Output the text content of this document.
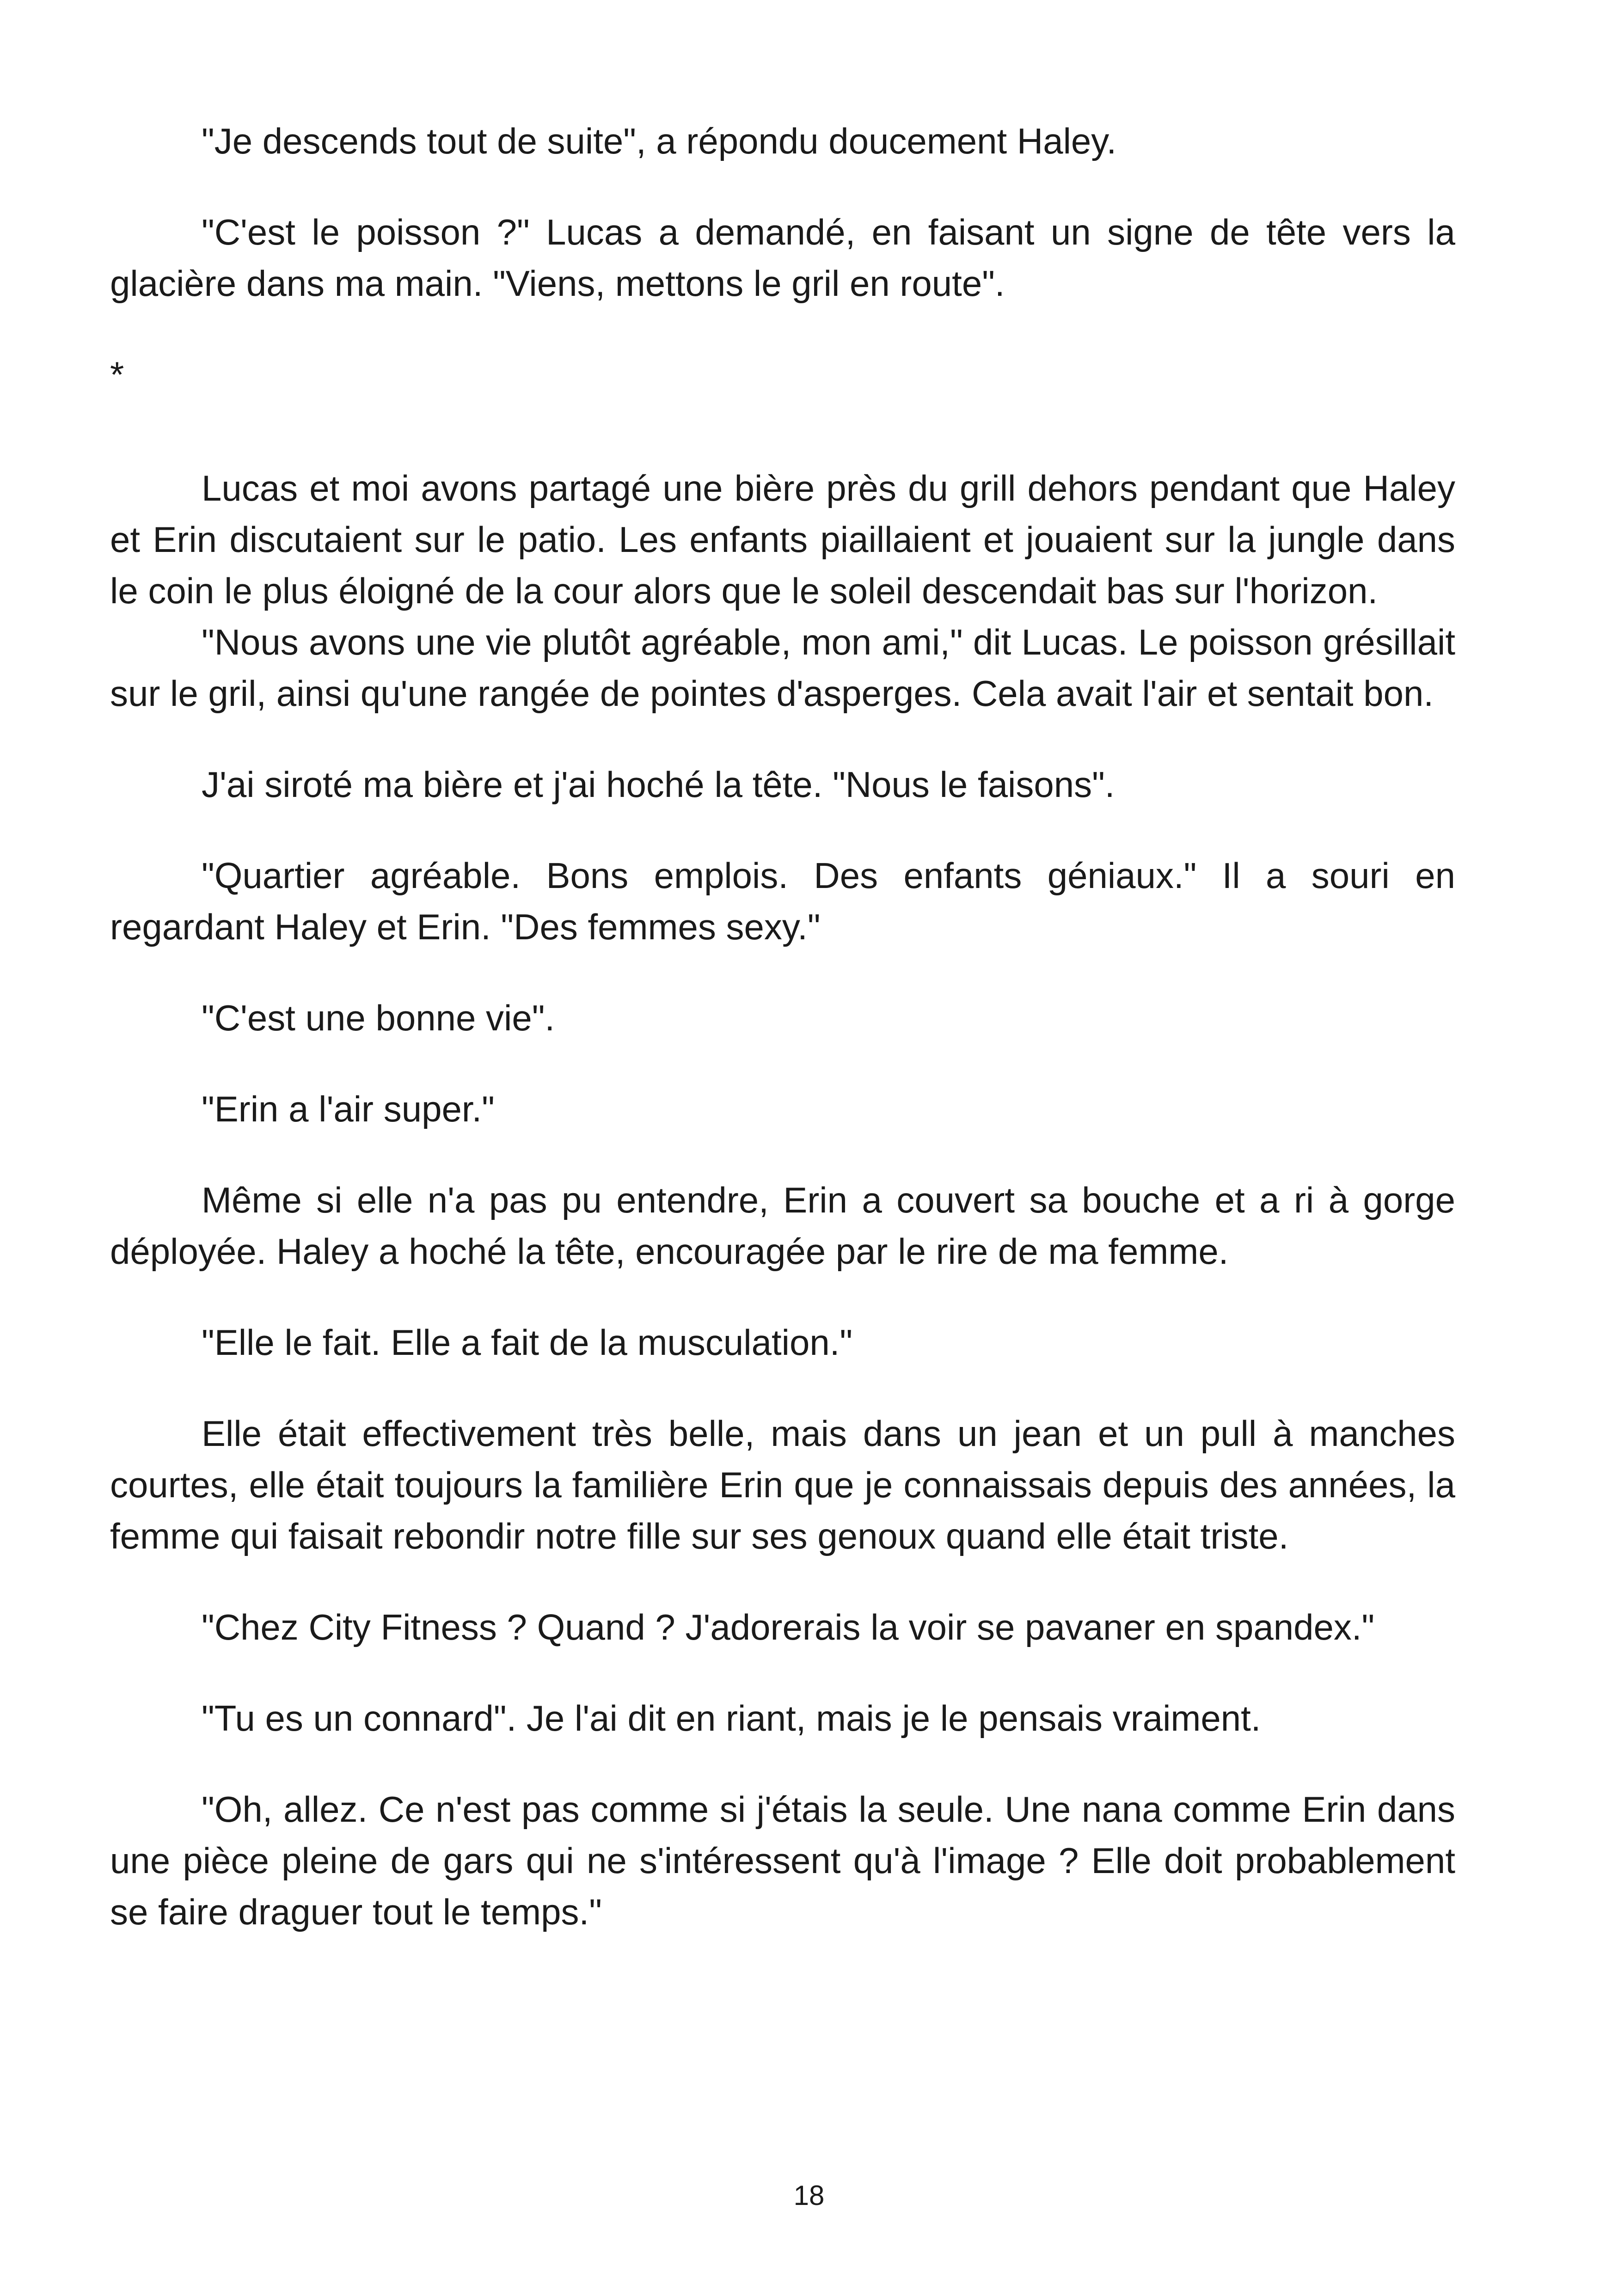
"Je descends tout de suite", a répondu doucement Haley.

"C'est le poisson ?" Lucas a demandé, en faisant un signe de tête vers la glacière dans ma main. "Viens, mettons le gril en route".

*

Lucas et moi avons partagé une bière près du grill dehors pendant que Haley et Erin discutaient sur le patio. Les enfants piaillaient et jouaient sur la jungle dans le coin le plus éloigné de la cour alors que le soleil descendait bas sur l'horizon.

"Nous avons une vie plutôt agréable, mon ami," dit Lucas. Le poisson grésillait sur le gril, ainsi qu'une rangée de pointes d'asperges. Cela avait l'air et sentait bon.

J'ai siroté ma bière et j'ai hoché la tête. "Nous le faisons".

"Quartier agréable. Bons emplois. Des enfants géniaux." Il a souri en regardant Haley et Erin. "Des femmes sexy."

"C'est une bonne vie".

"Erin a l'air super."

Même si elle n'a pas pu entendre, Erin a couvert sa bouche et a ri à gorge déployée. Haley a hoché la tête, encouragée par le rire de ma femme.

"Elle le fait. Elle a fait de la musculation."

Elle était effectivement très belle, mais dans un jean et un pull à manches courtes, elle était toujours la familière Erin que je connaissais depuis des années, la femme qui faisait rebondir notre fille sur ses genoux quand elle était triste.

"Chez City Fitness ? Quand ? J'adorerais la voir se pavaner en spandex."

"Tu es un connard". Je l'ai dit en riant, mais je le pensais vraiment.

"Oh, allez. Ce n'est pas comme si j'étais la seule. Une nana comme Erin dans une pièce pleine de gars qui ne s'intéressent qu'à l'image ? Elle doit probablement se faire draguer tout le temps."

18
